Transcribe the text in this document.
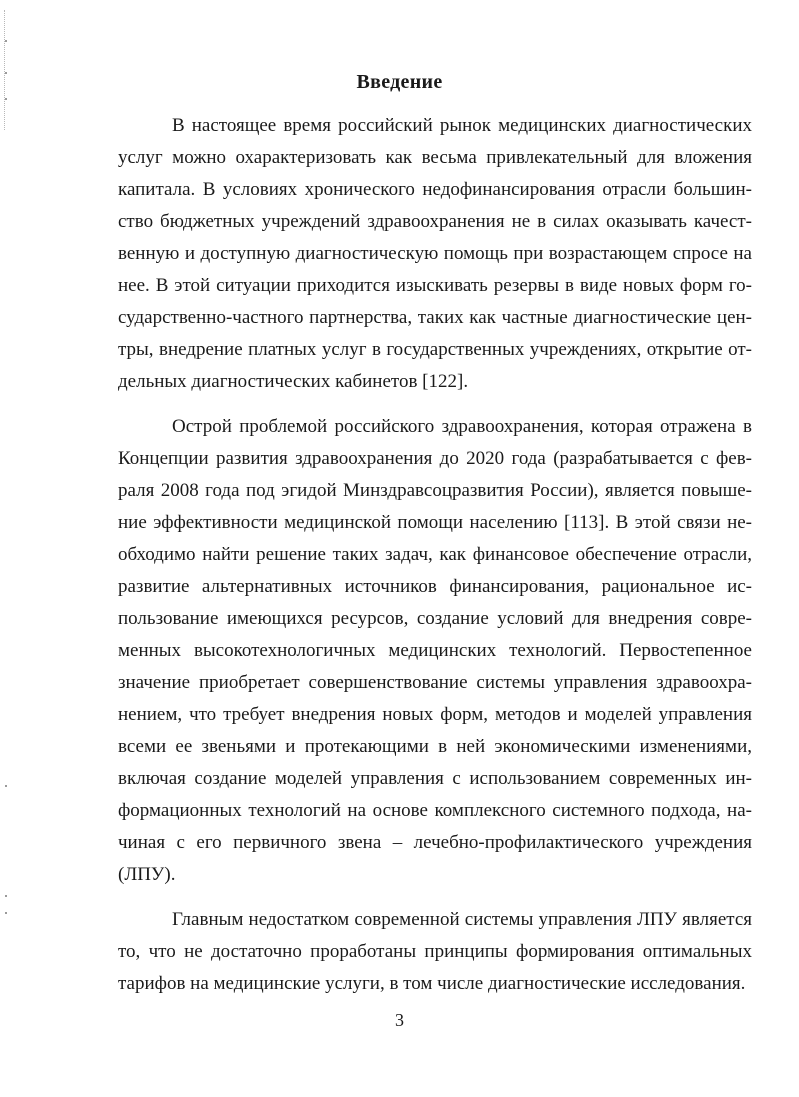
Введение
В настоящее время российский рынок медицинских диагностических
услуг можно охарактеризовать как весьма привлекательный для вложения
капитала. В условиях хронического недофинансирования отрасли большин-
ство бюджетных учреждений здравоохранения не в силах оказывать качест-
венную и доступную диагностическую помощь при возрастающем спросе на
нее. В этой ситуации приходится изыскивать резервы в виде новых форм го-
сударственно-частного партнерства, таких как частные диагностические цен-
тры, внедрение платных услуг в государственных учреждениях, открытие от-
дельных диагностических кабинетов [122].
Острой проблемой российского здравоохранения, которая отражена в
Концепции развития здравоохранения до 2020 года (разрабатывается с фев-
раля 2008 года под эгидой Минздравсоцразвития России), является повыше-
ние эффективности медицинской помощи населению [113]. В этой связи не-
обходимо найти решение таких задач, как финансовое обеспечение отрасли,
развитие альтернативных источников финансирования, рациональное ис-
пользование имеющихся ресурсов, создание условий для внедрения совре-
менных высокотехнологичных медицинских технологий. Первостепенное
значение приобретает совершенствование системы управления здравоохра-
нением, что требует внедрения новых форм, методов и моделей управления
всеми ее звеньями и протекающими в ней экономическими изменениями,
включая создание моделей управления с использованием современных ин-
формационных технологий на основе комплексного системного подхода, на-
чиная с его первичного звена – лечебно-профилактического учреждения
(ЛПУ).
Главным недостатком современной системы управления ЛПУ является
то, что не достаточно проработаны принципы формирования оптимальных
тарифов на медицинские услуги, в том числе диагностические исследования.
3
